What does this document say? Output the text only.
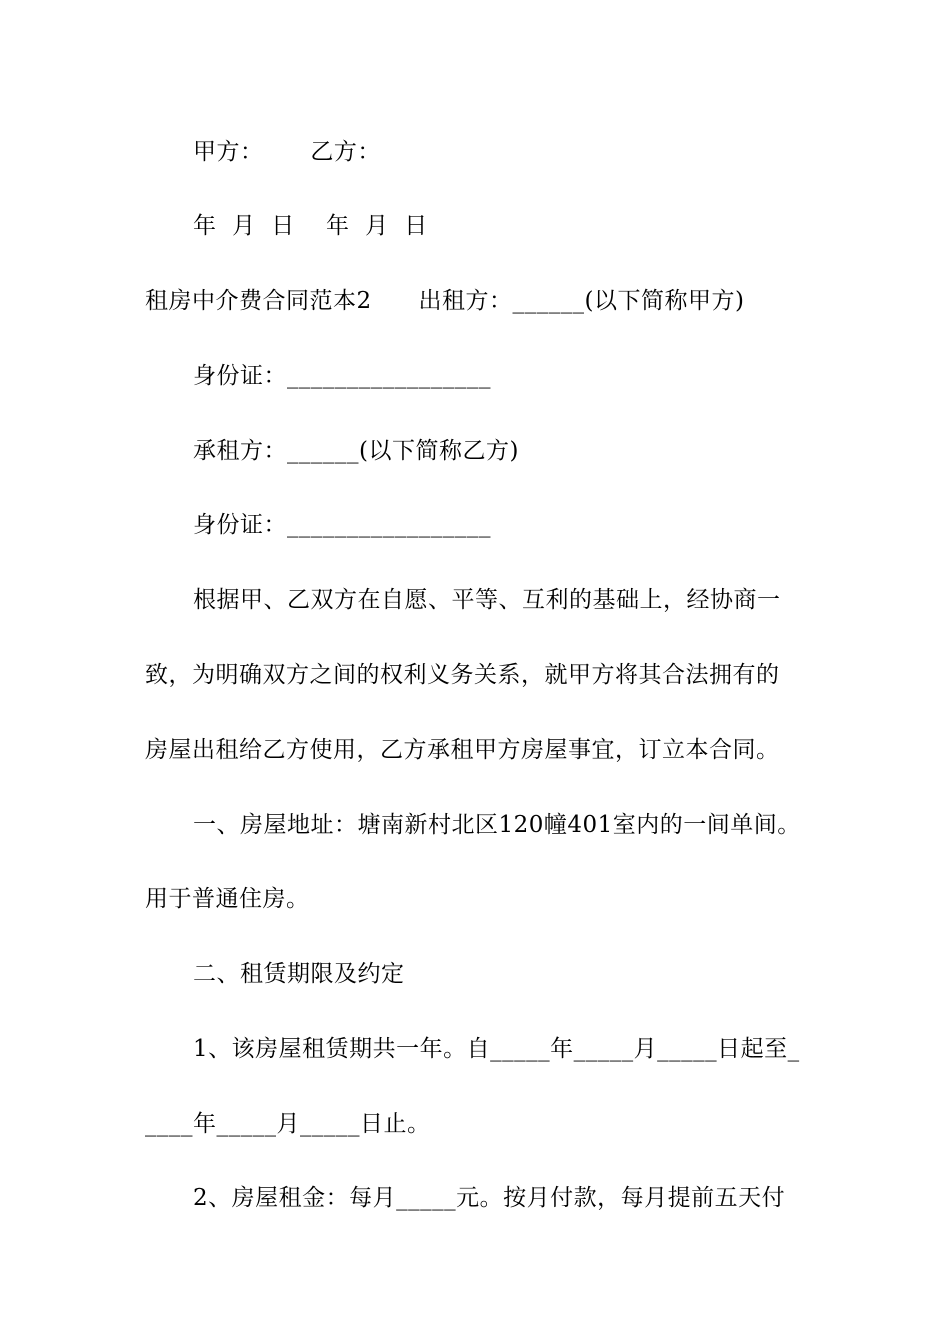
甲方：      乙方：
年  月  日    年  月  日
租房中介费合同范本2      出租方：______(以下简称甲方)
身份证：_________________
承租方：______(以下简称乙方)
身份证：_________________
根据甲、乙双方在自愿、平等、互利的基础上，经协商一
致，为明确双方之间的权利义务关系，就甲方将其合法拥有的
房屋出租给乙方使用，乙方承租甲方房屋事宜，订立本合同。
一、房屋地址：塘南新村北区120幢401室内的一间单间。
用于普通住房。
二、租赁期限及约定
1、该房屋租赁期共一年。自_____年_____月_____日起至_
____年_____月_____日止。
2、房屋租金：每月_____元。按月付款，每月提前五天付
